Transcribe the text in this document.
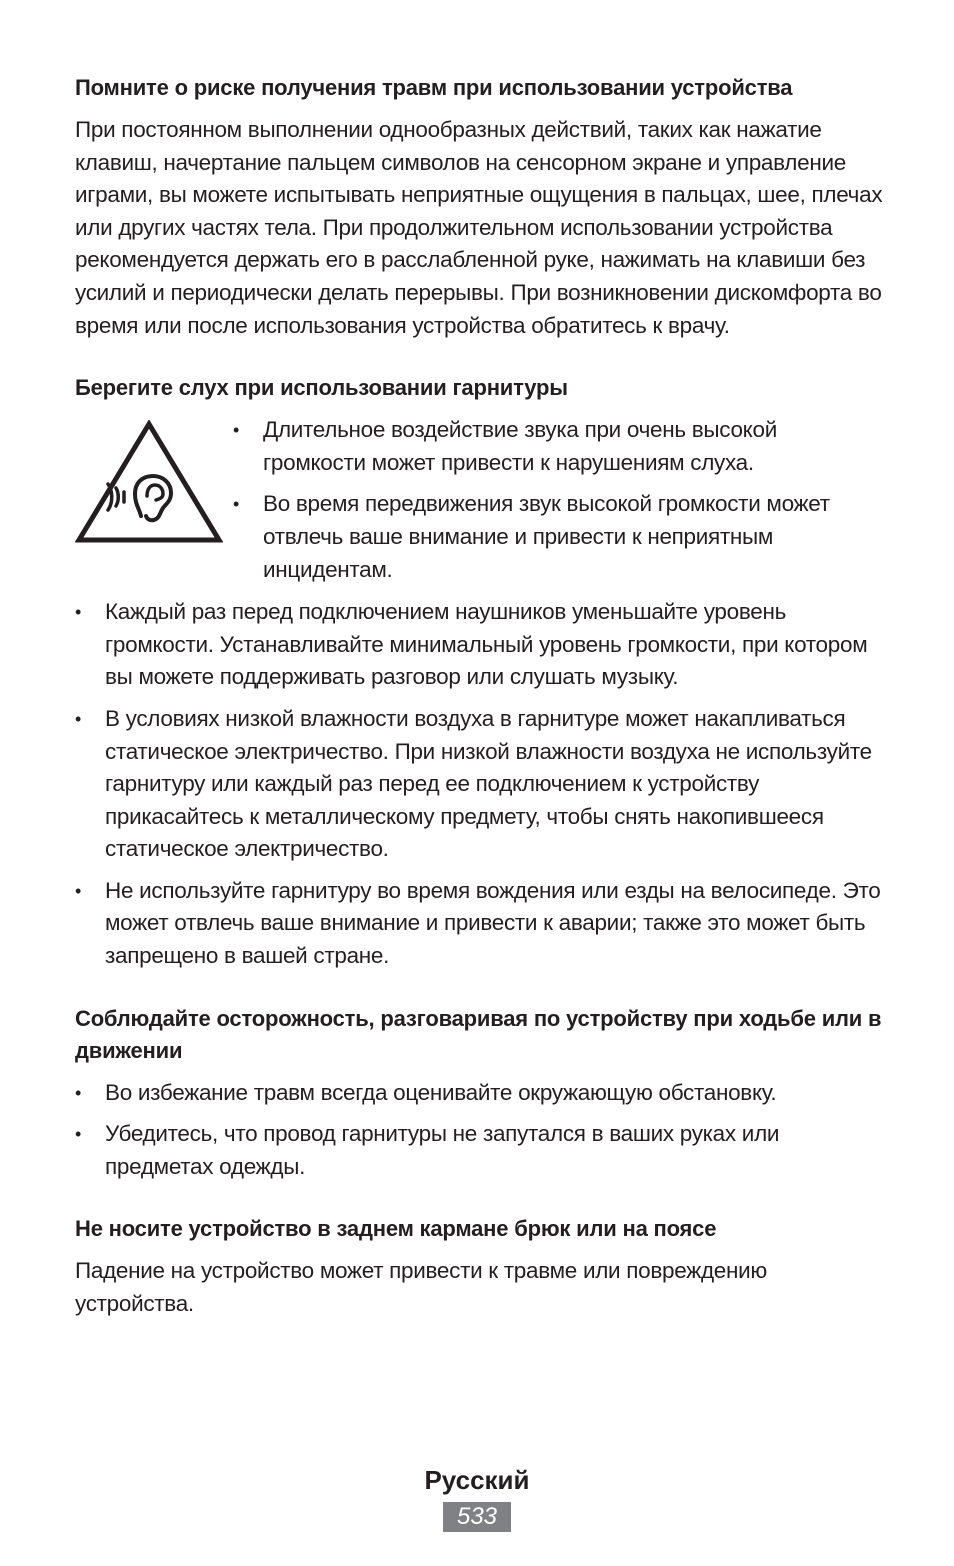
Помните о риске получения травм при использовании устройства

При постоянном выполнении однообразных действий, таких как нажатие клавиш, начертание пальцем символов на сенсорном экране и управление играми, вы можете испытывать неприятные ощущения в пальцах, шее, плечах или других частях тела. При продолжительном использовании устройства рекомендуется держать его в расслабленной руке, нажимать на клавиши без усилий и периодически делать перерывы. При возникновении дискомфорта во время или после использования устройства обратитесь к врачу.

Берегите слух при использовании гарнитуры
• Длительное воздействие звука при очень высокой громкости может привести к нарушениям слуха.
• Во время передвижения звук высокой громкости может отвлечь ваше внимание и привести к неприятным инцидентам.
• Каждый раз перед подключением наушников уменьшайте уровень громкости. Устанавливайте минимальный уровень громкости, при котором вы можете поддерживать разговор или слушать музыку.
• В условиях низкой влажности воздуха в гарнитуре может накапливаться статическое электричество. При низкой влажности воздуха не используйте гарнитуру или каждый раз перед ее подключением к устройству прикасайтесь к металлическому предмету, чтобы снять накопившееся статическое электричество.
• Не используйте гарнитуру во время вождения или езды на велосипеде. Это может отвлечь ваше внимание и привести к аварии; также это может быть запрещено в вашей стране.
Соблюдайте осторожность, разговаривая по устройству при ходьбе или в движении
• Во избежание травм всегда оценивайте окружающую обстановку.
• Убедитесь, что провод гарнитуры не запутался в ваших руках или предметах одежды.
Не носите устройство в заднем кармане брюк или на поясе

Падение на устройство может привести к травме или повреждению устройства.

Русский
533
